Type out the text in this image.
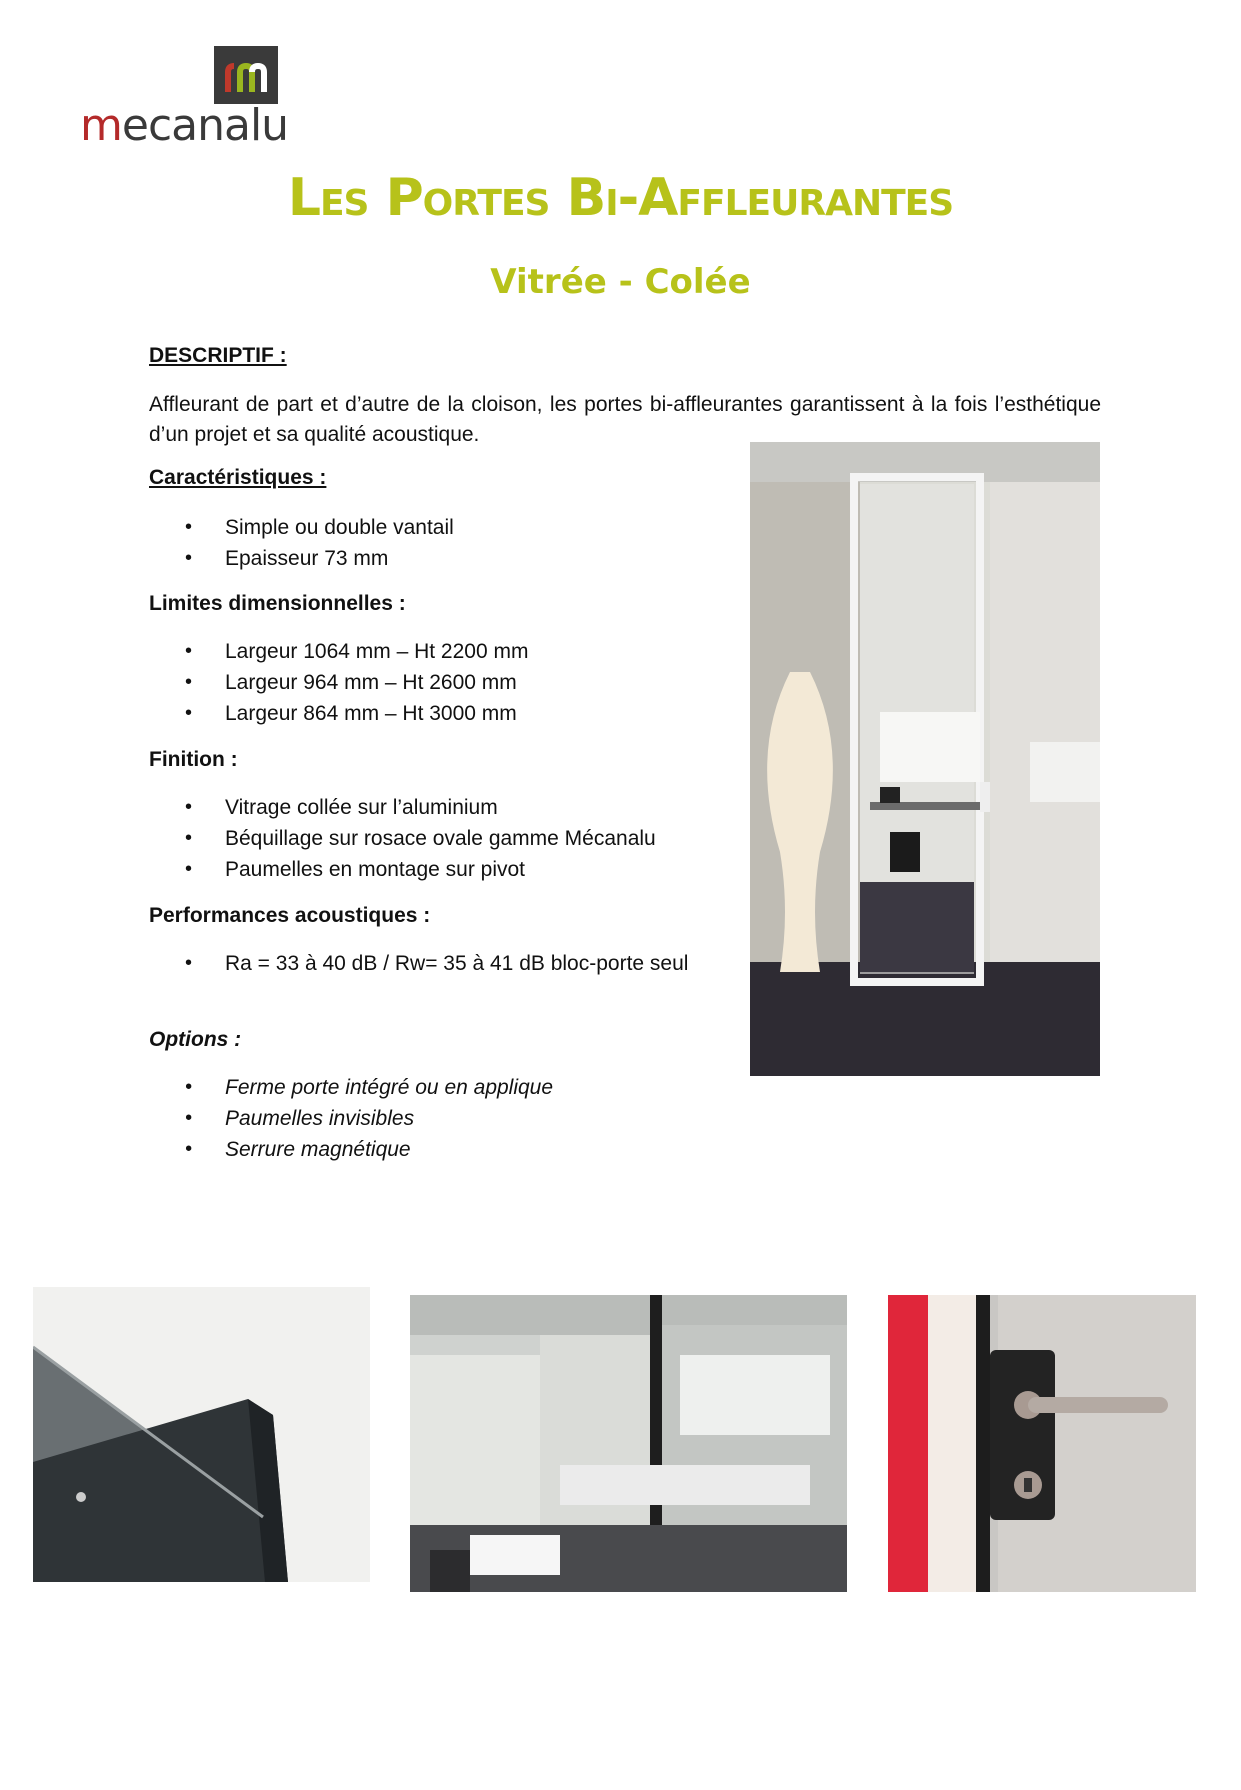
mecanalu
Les Portes Bi-Affleurantes
Vitrée - Colée
DESCRIPTIF :
Affleurant de part et d’autre de la cloison, les portes bi-affleurantes garantissent à la fois l’esthétique d’un projet et sa qualité acoustique.
Caractéristiques :
• Simple ou double vantail
• Epaisseur 73 mm
Limites dimensionnelles :
• Largeur 1064 mm – Ht 2200 mm
• Largeur 964 mm – Ht 2600 mm
• Largeur 864 mm – Ht 3000 mm
Finition :
• Vitrage collée sur l’aluminium
• Béquillage sur rosace ovale gamme Mécanalu
• Paumelles en montage sur pivot
Performances acoustiques :
• Ra = 33 à 40 dB / Rw= 35 à 41 dB bloc-porte seul
Options :
• Ferme porte intégré ou en applique
• Paumelles invisibles
• Serrure magnétique
